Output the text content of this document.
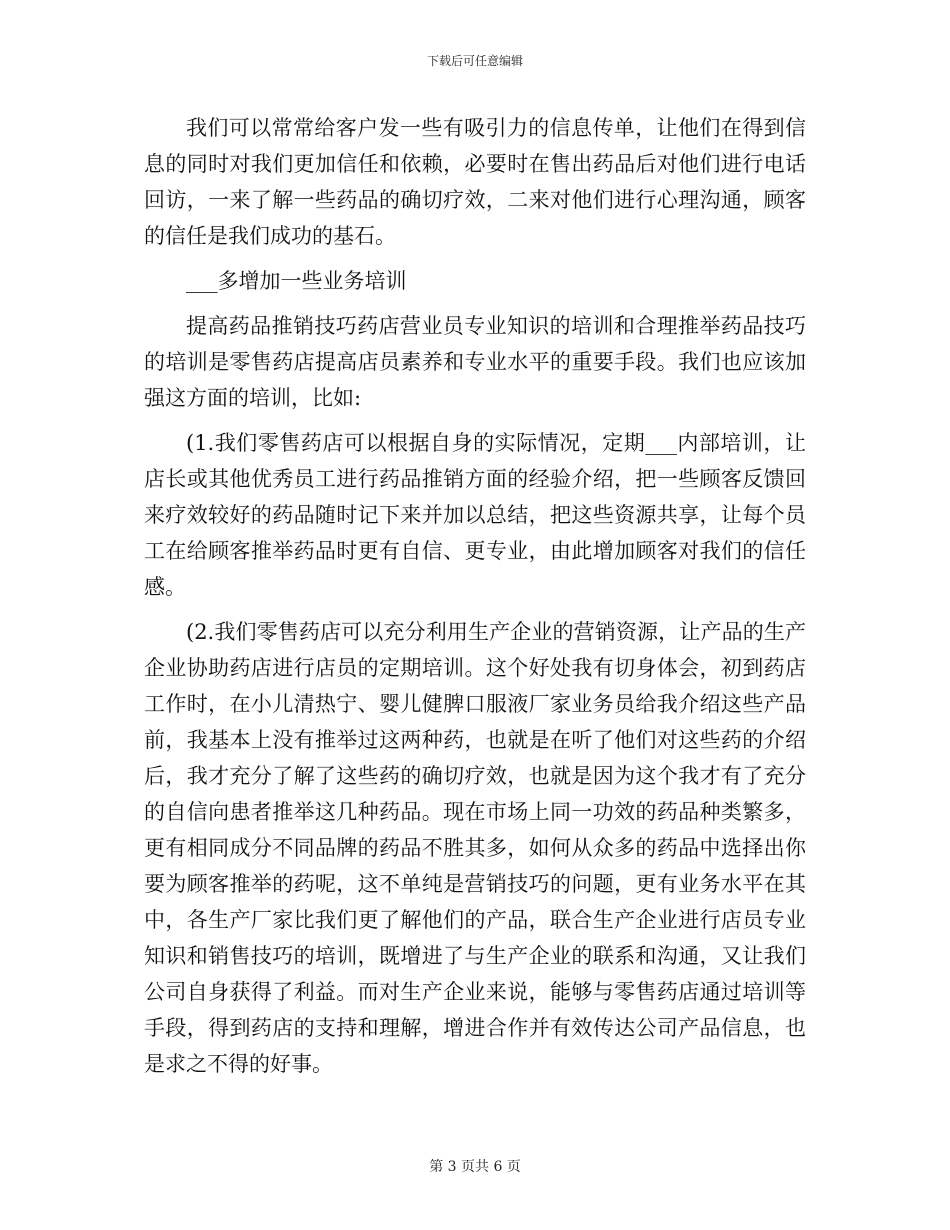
下载后可任意编辑

我们可以常常给客户发一些有吸引力的信息传单，让他们在得到信息的同时对我们更加信任和依赖，必要时在售出药品后对他们进行电话回访，一来了解一些药品的确切疗效，二来对他们进行心理沟通，顾客的信任是我们成功的基石。

___多增加一些业务培训

提高药品推销技巧药店营业员专业知识的培训和合理推举药品技巧的培训是零售药店提高店员素养和专业水平的重要手段。我们也应该加强这方面的培训，比如:

(1.我们零售药店可以根据自身的实际情况，定期___内部培训，让店长或其他优秀员工进行药品推销方面的经验介绍，把一些顾客反馈回来疗效较好的药品随时记下来并加以总结，把这些资源共享，让每个员工在给顾客推举药品时更有自信、更专业，由此增加顾客对我们的信任感。

(2.我们零售药店可以充分利用生产企业的营销资源，让产品的生产企业协助药店进行店员的定期培训。这个好处我有切身体会，初到药店工作时，在小儿清热宁、婴儿健脾口服液厂家业务员给我介绍这些产品前，我基本上没有推举过这两种药，也就是在听了他们对这些药的介绍后，我才充分了解了这些药的确切疗效，也就是因为这个我才有了充分的自信向患者推举这几种药品。现在市场上同一功效的药品种类繁多，更有相同成分不同品牌的药品不胜其多，如何从众多的药品中选择出你要为顾客推举的药呢，这不单纯是营销技巧的问题，更有业务水平在其中，各生产厂家比我们更了解他们的产品，联合生产企业进行店员专业知识和销售技巧的培训，既增进了与生产企业的联系和沟通，又让我们公司自身获得了利益。而对生产企业来说，能够与零售药店通过培训等手段，得到药店的支持和理解，增进合作并有效传达公司产品信息，也是求之不得的好事。

第 3 页共 6 页
